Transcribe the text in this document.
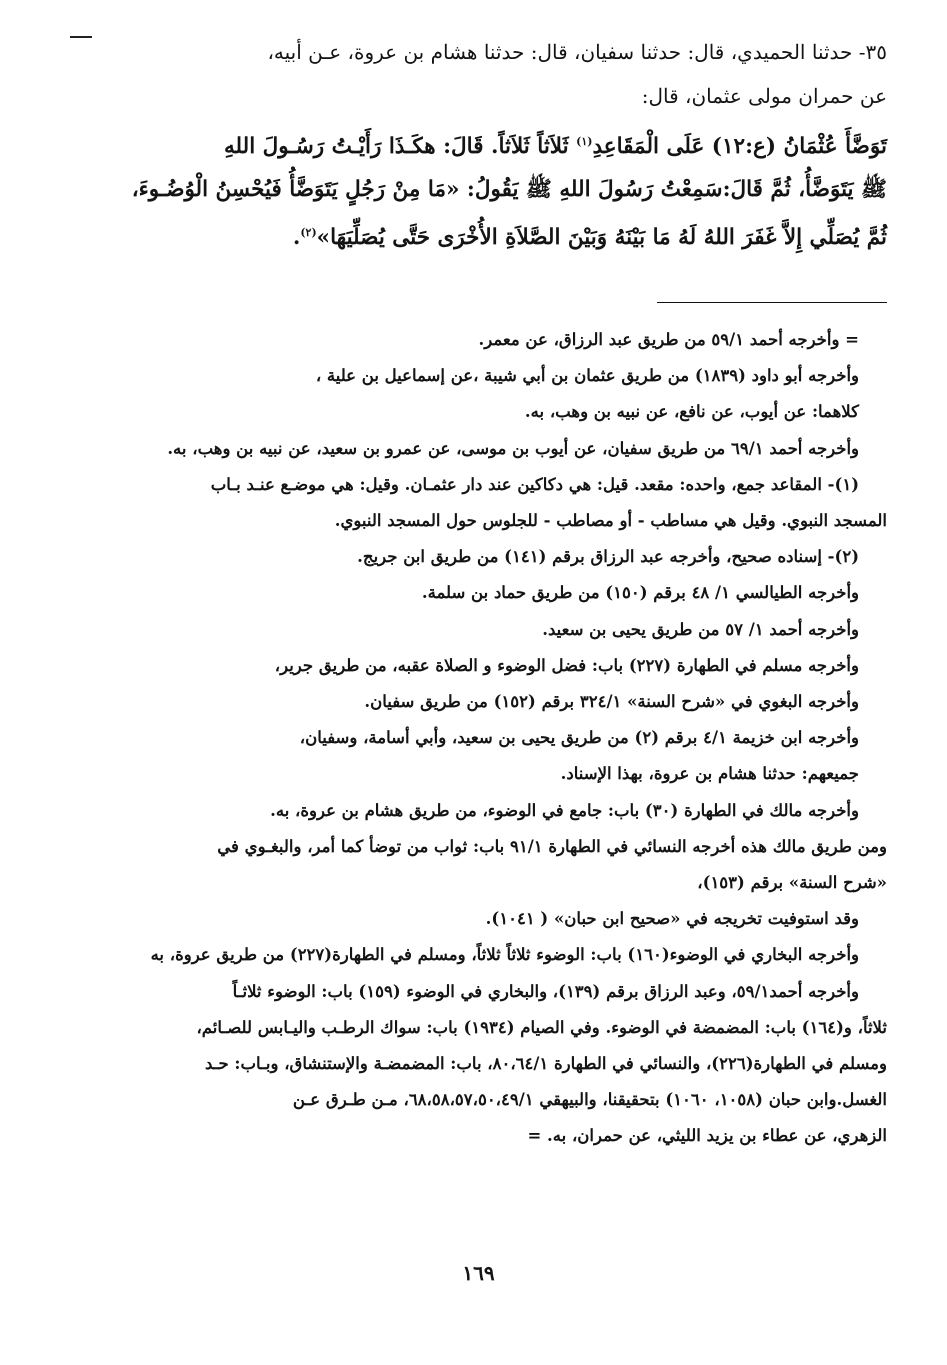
٣٥- حدثنا الحميدي، قال: حدثنا سفيان، قال: حدثنا هشام بن عروة، عـن أبيه،

عن حمران مولى عثمان، قال:

تَوَضَّأَ عُثْمَانُ (ع:١٢) عَلَى الْمَقَاعِدِ$^{(١)}$ ثَلاَثاً ثَلاَثاً. قَالَ: هكَـذَا رَأَيْـتُ رَسُـولَ اللهِ

ﷺ يَتَوَضَّأُ، ثُمَّ قَالَ:سَمِعْتُ رَسُولَ اللهِ ﷺ يَقُولُ: «مَا مِنْ رَجُلٍ يَتَوَضَّأُ فَيُحْسِنُ الْوُضُـوءَ،

ثُمَّ يُصَلِّي إِلاَّ غَفَرَ اللهُ لَهُ مَا بَيْنَهُ وَبَيْنَ الصَّلاَةِ الأُخْرَى حَتَّى يُصَلِّيَهَا»$^{(٢)}$.

= وأخرجه أحمد ٥٩/١ من طريق عبد الرزاق، عن معمر.

وأخرجه أبو داود (١٨٣٩) من طريق عثمان بن أبي شيبة ،عن إسماعيل بن علية ،

كلاهما: عن أيوب، عن نافع، عن نبيه بن وهب، به.

وأخرجه أحمد ٦٩/١ من طريق سفيان، عن أيوب بن موسى، عن عمرو بن سعيد، عن نبيه بن وهب، به.

(١)- المقاعد جمع، واحده: مقعد. قيل: هي دكاكين عند دار عثمـان. وقيل: هي موضـع عنـد بـاب

المسجد النبوي. وقيل هي مساطب - أو مصاطب - للجلوس حول المسجد النبوي.

(٢)- إسناده صحيح، وأخرجه عبد الرزاق برقم (١٤١) من طريق ابن جريج.

وأخرجه الطيالسي ١/ ٤٨ برقم (١٥٠) من طريق حماد بن سلمة.

وأخرجه أحمد ١/ ٥٧ من طريق يحيى بن سعيد.

وأخرجه مسلم في الطهارة (٢٢٧) باب: فضل الوضوء و الصلاة عقبه، من طريق جرير،

وأخرجه البغوي في «شرح السنة» ٣٢٤/١ برقم (١٥٢) من طريق سفيان.

وأخرجه ابن خزيمة ٤/١ برقم (٢) من طريق يحيى بن سعيد، وأبي أسامة، وسفيان،

جميعهم: حدثنا هشام بن عروة، بهذا الإسناد.

وأخرجه مالك في الطهارة (٣٠) باب: جامع في الوضوء، من طريق هشام بن عروة، به.

ومن طريق مالك هذه أخرجه النسائي في الطهارة ٩١/١ باب: ثواب من توضأ كما أمر، والبغـوي في

«شرح السنة» برقم (١٥٣)،

وقد استوفيت تخريجه في «صحيح ابن حبان» ( ١٠٤١).

وأخرجه البخاري في الوضوء(١٦٠) باب: الوضوء ثلاثاً ثلاثاً، ومسلم في الطهارة(٢٢٧) من طريق عروة، به

وأخرجه أحمد٥٩/١، وعبد الرزاق برقم (١٣٩)، والبخاري في الوضوء (١٥٩) باب: الوضوء ثلاثـاً

ثلاثاً، و(١٦٤) باب: المضمضة في الوضوء. وفي الصيام (١٩٣٤) باب: سواك الرطـب واليـابس للصـائم،

ومسلم في الطهارة(٢٢٦)، والنسائي في الطهارة ٨٠،٦٤/١، باب: المضمضـة والإستنشاق، وبـاب: حـد

الغسل.وابن حبان (١٠٥٨، ١٠٦٠) بتحقيقنا، والبيهقي ٦٨،٥٨،٥٧،٥٠،٤٩/١، مـن طـرق عـن

الزهري، عن عطاء بن يزيد الليثي، عن حمران، به. =

١٦٩
